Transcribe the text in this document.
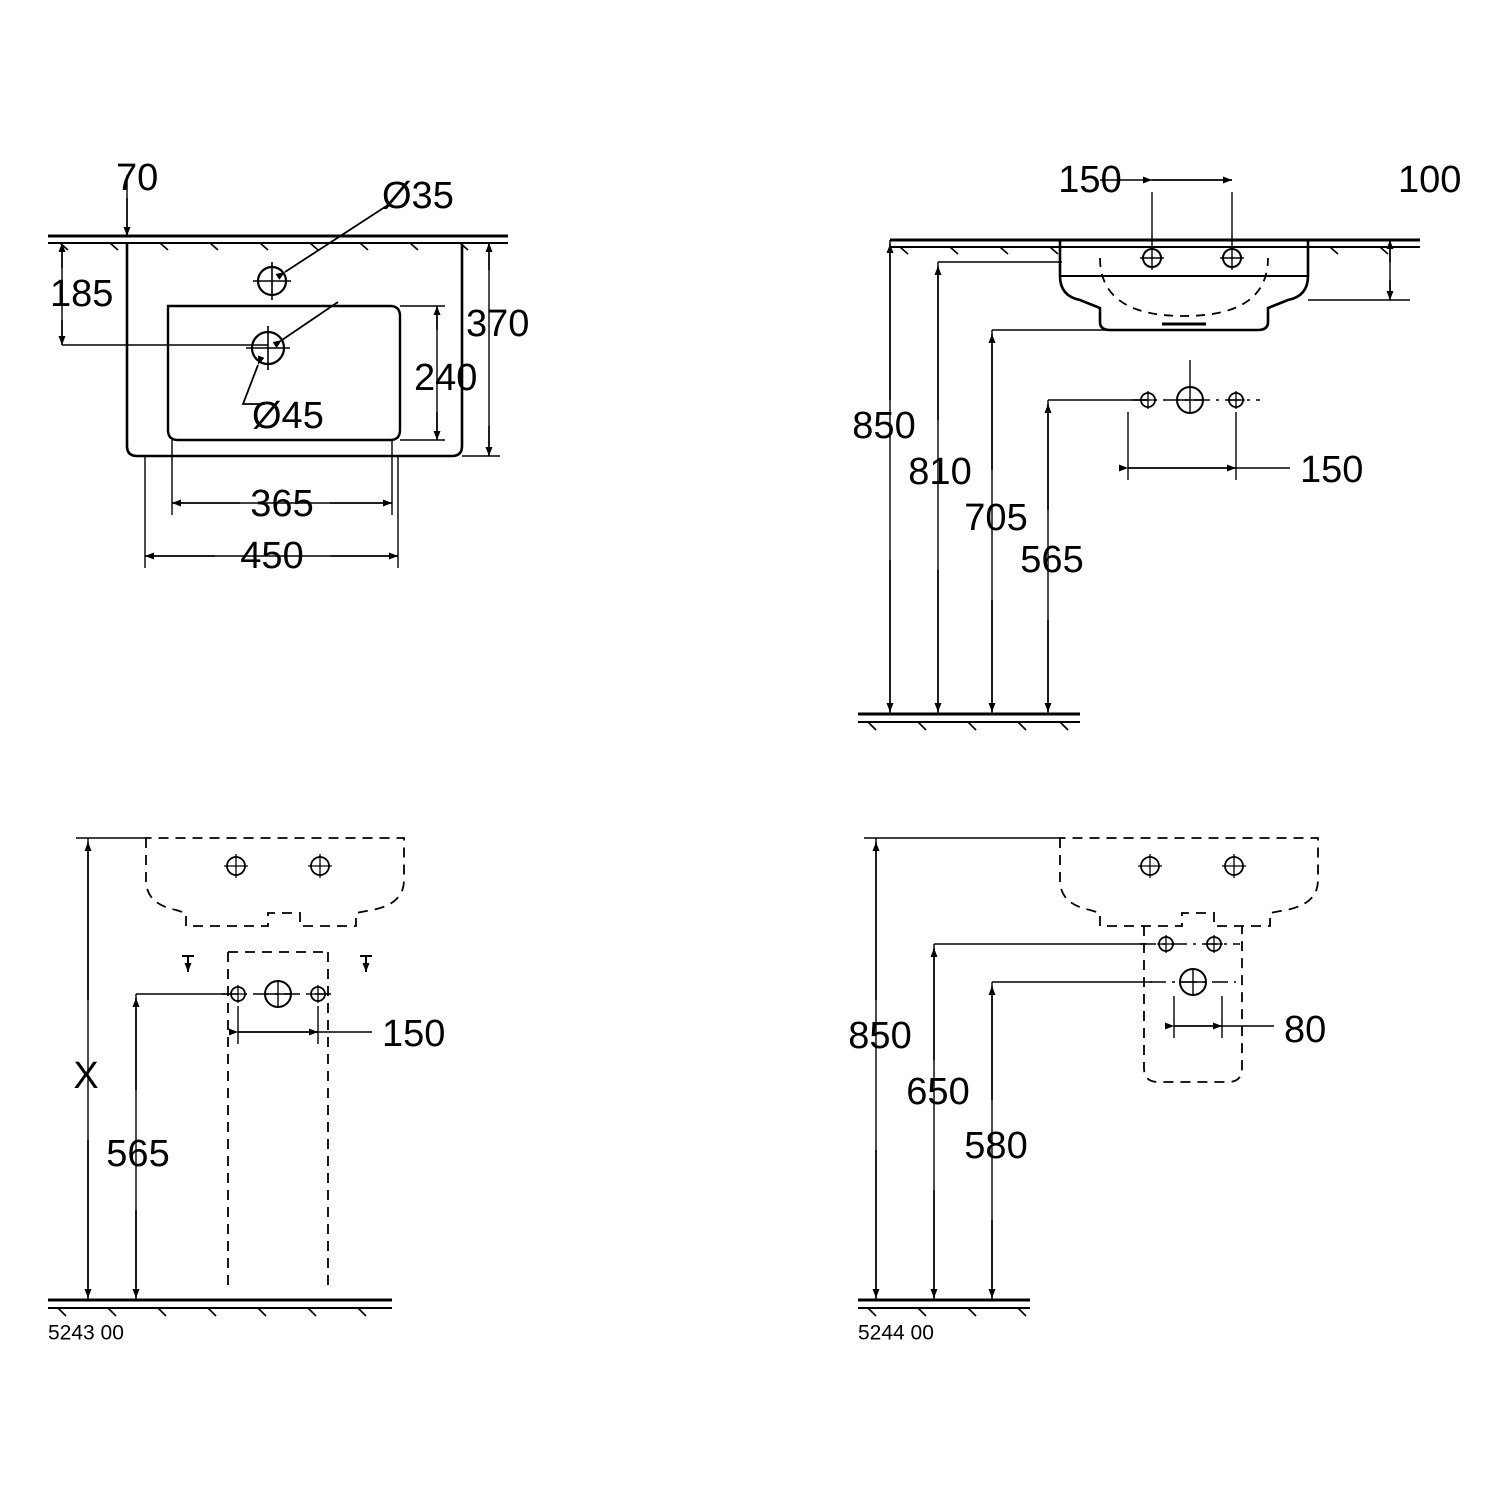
70	Ø35
185
370
240
Ø45
365
450
150	100
850
810
705
565
150
150
X
565
5243 00
80
850
650
580
5244 00
